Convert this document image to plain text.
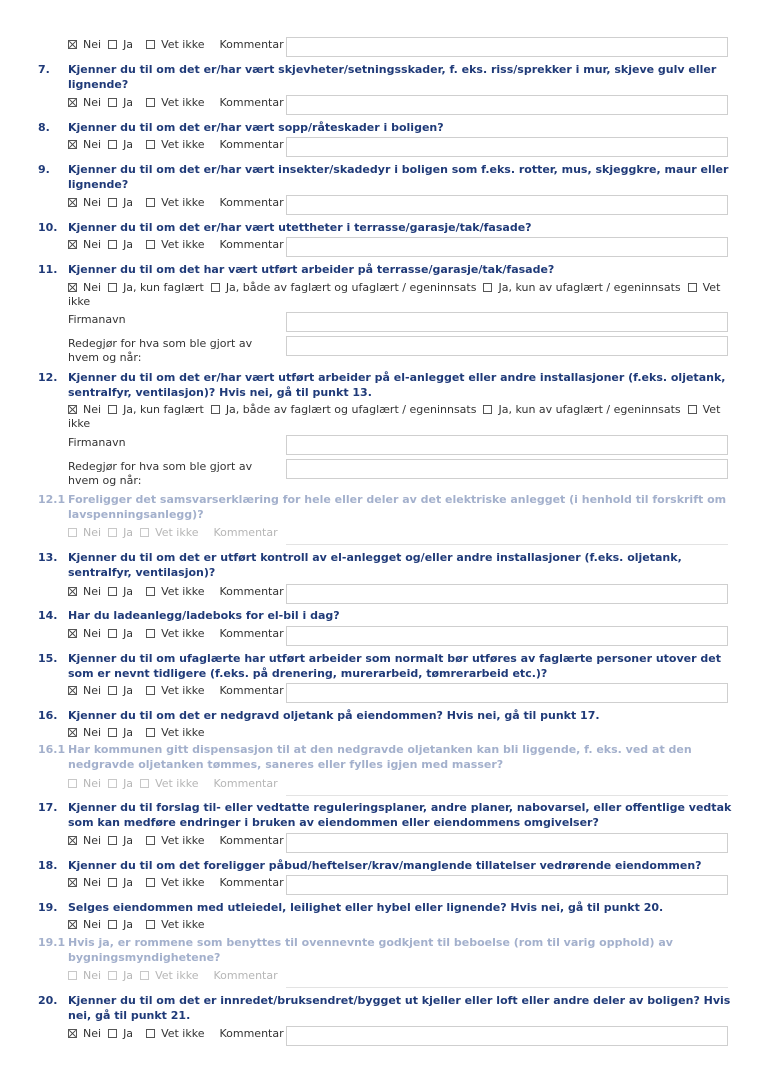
Nei Ja	Vet ikke Kommentar
7.	Kjenner du til om det er/har vært skjevheter/setningsskader, f. eks. riss/sprekker i mur, skjeve gulv eller lignende?
Nei Ja	Vet ikke Kommentar
8.	Kjenner du til om det er/har vært sopp/råteskader i boligen?
Nei Ja	Vet ikke Kommentar
9.	Kjenner du til om det er/har vært insekter/skadedyr i boligen som f.eks. rotter, mus, skjeggkre, maur eller lignende?
Nei Ja	Vet ikke Kommentar
10. Kjenner du til om det er/har vært utettheter i terrasse/garasje/tak/fasade?
Nei Ja	Vet ikke Kommentar
11. Kjenner du til om det har vært utført arbeider på terrasse/garasje/tak/fasade?
Nei Ja, kun faglært Ja, både av faglært og ufaglært / egeninnsats Ja, kun av ufaglært / egeninnsats Vet ikke
Firmanavn
Redegjør for hva som ble gjort av hvem og når:
12. Kjenner du til om det er/har vært utført arbeider på el-anlegget eller andre installasjoner (f.eks. oljetank, sentralfyr, ventilasjon)? Hvis nei, gå til punkt 13.
Nei Ja, kun faglært Ja, både av faglært og ufaglært / egeninnsats Ja, kun av ufaglært / egeninnsats Vet ikke
Firmanavn
Redegjør for hva som ble gjort av hvem og når:
12.1 Foreligger det samsvarserklæring for hele eller deler av det elektriske anlegget (i henhold til forskrift om lavspenningsanlegg)?
Nei Ja Vet ikke Kommentar
13. Kjenner du til om det er utført kontroll av el-anlegget og/eller andre installasjoner (f.eks. oljetank, sentralfyr, ventilasjon)?
Nei Ja	Vet ikke Kommentar
14. Har du ladeanlegg/ladeboks for el-bil i dag?
Nei Ja	Vet ikke Kommentar
15. Kjenner du til om ufaglærte har utført arbeider som normalt bør utføres av faglærte personer utover det som er nevnt tidligere (f.eks. på drenering, murerarbeid, tømrerarbeid etc.)?
Nei Ja	Vet ikke Kommentar
16. Kjenner du til om det er nedgravd oljetank på eiendommen? Hvis nei, gå til punkt 17.
Nei Ja	Vet ikke
16.1 Har kommunen gitt dispensasjon til at den nedgravde oljetanken kan bli liggende, f. eks. ved at den nedgravde oljetanken tømmes, saneres eller fylles igjen med masser?
Nei Ja Vet ikke Kommentar
17. Kjenner du til forslag til- eller vedtatte reguleringsplaner, andre planer, nabovarsel, eller offentlige vedtak som kan medføre endringer i bruken av eiendommen eller eiendommens omgivelser?
Nei Ja	Vet ikke Kommentar
18. Kjenner du til om det foreligger påbud/heftelser/krav/manglende tillatelser vedrørende eiendommen?
Nei Ja	Vet ikke Kommentar
19. Selges eiendommen med utleiedel, leilighet eller hybel eller lignende? Hvis nei, gå til punkt 20.
Nei Ja	Vet ikke
19.1 Hvis ja, er rommene som benyttes til ovennevnte godkjent til beboelse (rom til varig opphold) av bygningsmyndighetene?
Nei Ja Vet ikke Kommentar
20. Kjenner du til om det er innredet/bruksendret/bygget ut kjeller eller loft eller andre deler av boligen? Hvis nei, gå til punkt 21.
Nei Ja	Vet ikke Kommentar
